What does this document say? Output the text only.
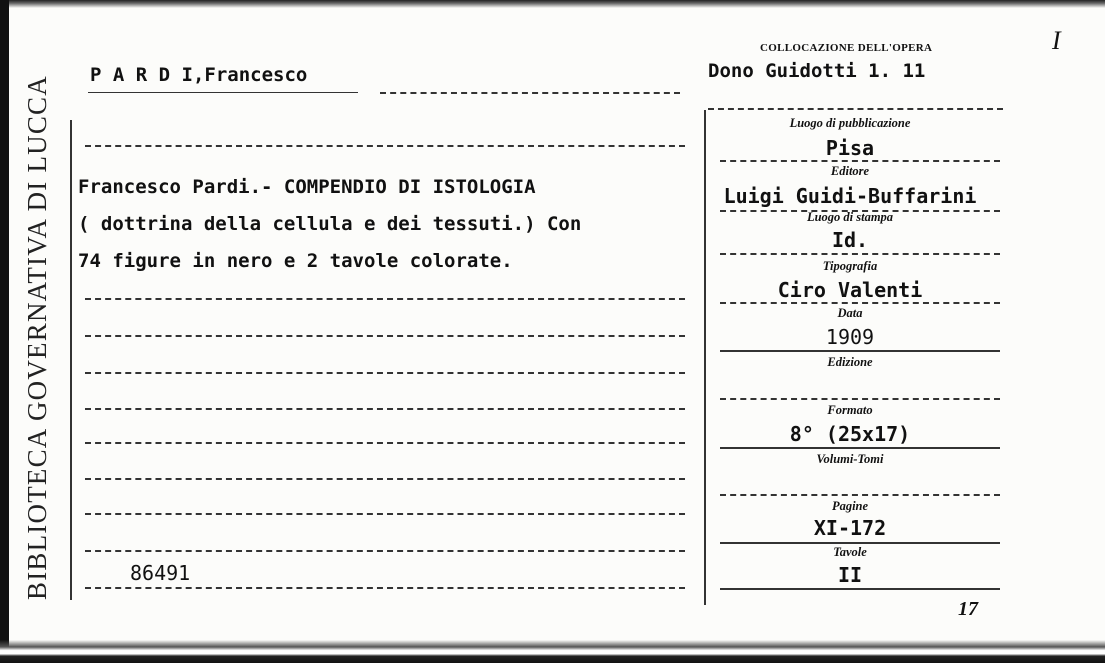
BIBLIOTECA GOVERNATIVA DI LUCCA
I
P A R D I,Francesco
Francesco Pardi.- COMPENDIO DI ISTOLOGIA
( dottrina della cellula e dei tessuti.) Con
74 figure in nero e 2 tavole colorate.
86491
COLLOCAZIONE DELL'OPERA
Dono Guidotti 1. 11
Luogo di pubblicazione
Pisa
Editore
Luigi Guidi-Buffarini
Luogo di stampa
Id.
Tipografia
Ciro Valenti
Data
1909
Edizione
Formato
8° (25x17)
Volumi-Tomi
Pagine
XI-172
Tavole
II
17
